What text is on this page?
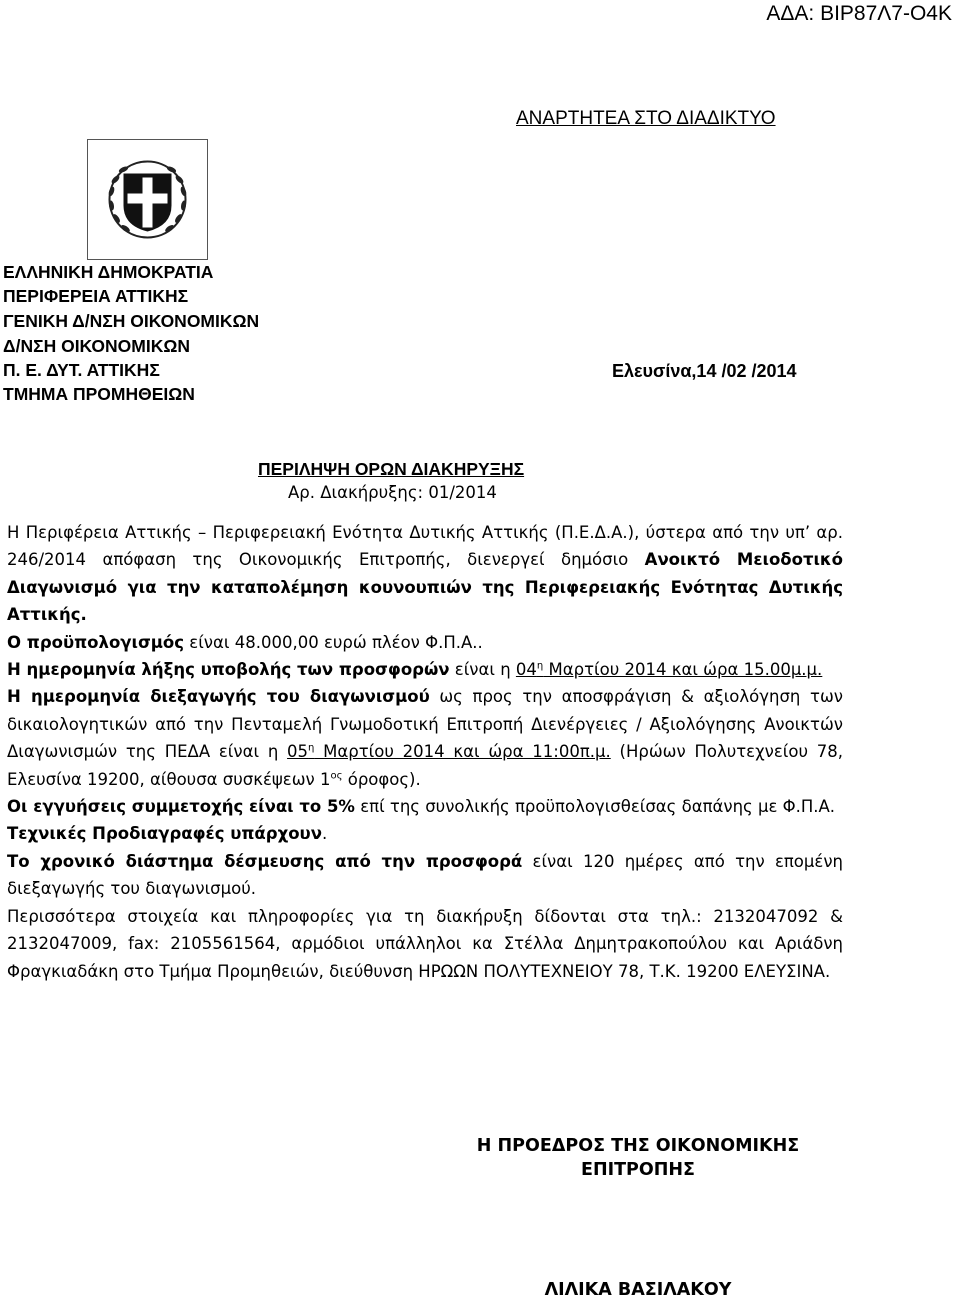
ΑΔΑ: ΒΙΡ87Λ7-Ο4Κ
ΑΝΑΡΤΗΤΕΑ ΣΤΟ ΔΙΑΔΙΚΤΥΟ
ΕΛΛΗΝΙΚΗ ΔΗΜΟΚΡΑΤΙΑ
ΠΕΡΙΦΕΡΕΙΑ ΑΤΤΙΚΗΣ
ΓΕΝΙΚΗ Δ/ΝΣΗ ΟΙΚΟΝΟΜΙΚΩΝ
Δ/ΝΣΗ ΟΙΚΟΝΟΜΙΚΩΝ
Π. Ε. ΔΥΤ. ΑΤΤΙΚΗΣ
ΤΜΗΜΑ ΠΡΟΜΗΘΕΙΩΝ
Ελευσίνα,14 /02 /2014
ΠΕΡΙΛΗΨΗ ΟΡΩΝ ΔΙΑΚΗΡΥΞΗΣ
Αρ. Διακήρυξης: 01/2014

Η Περιφέρεια Αττικής – Περιφερειακή Ενότητα Δυτικής Αττικής (Π.Ε.Δ.Α.), ύστερα από την υπ’ αρ. 246/2014 απόφαση της Οικονομικής Επιτροπής, διενεργεί δημόσιο Ανοικτό Μειοδοτικό Διαγωνισμό για την καταπολέμηση κουνουπιών της Περιφερειακής Ενότητας Δυτικής Αττικής.

Ο προϋπολογισμός είναι 48.000,00 ευρώ πλέον Φ.Π.Α..

Η ημερομηνία λήξης υποβολής των προσφορών είναι η $04^\eta$ Μαρτίου 2014 και ώρα 15.00μ.μ.

Η ημερομηνία διεξαγωγής του διαγωνισμού ως προς την αποσφράγιση & αξιολόγηση των δικαιολογητικών από την Πενταμελή Γνωμοδοτική Επιτροπή Διενέργειες / Αξιολόγησης Ανοικτών Διαγωνισμών της ΠΕΔΑ είναι η $05^\eta$ Μαρτίου 2014 και ώρα 11:00π.μ. (Ηρώων Πολυτεχνείου 78, Ελευσίνα 19200, αίθουσα συσκέψεων $1^{o\varsigma}$ όροφος).

Οι εγγυήσεις συμμετοχής είναι το 5% επί της συνολικής προϋπολογισθείσας δαπάνης με Φ.Π.Α.

Τεχνικές Προδιαγραφές υπάρχουν.

Το χρονικό διάστημα δέσμευσης από την προσφορά είναι 120 ημέρες από την επομένη διεξαγωγής του διαγωνισμού.

Περισσότερα στοιχεία και πληροφορίες για τη διακήρυξη δίδονται στα τηλ.: 2132047092 & 2132047009, fax: 2105561564, αρμόδιοι υπάλληλοι κα Στέλλα Δημητρακοπούλου και Αριάδνη Φραγκιαδάκη στο Τμήμα Προμηθειών, διεύθυνση ΗΡΩΩΝ ΠΟΛΥΤΕΧΝΕΙΟΥ 78, Τ.Κ. 19200 ΕΛΕΥΣΙΝΑ.

Η ΠΡΟΕΔΡΟΣ ΤΗΣ ΟΙΚΟΝΟΜΙΚΗΣ
ΕΠΙΤΡΟΠΗΣ
ΛΙΛΙΚΑ ΒΑΣΙΛΑΚΟΥ
